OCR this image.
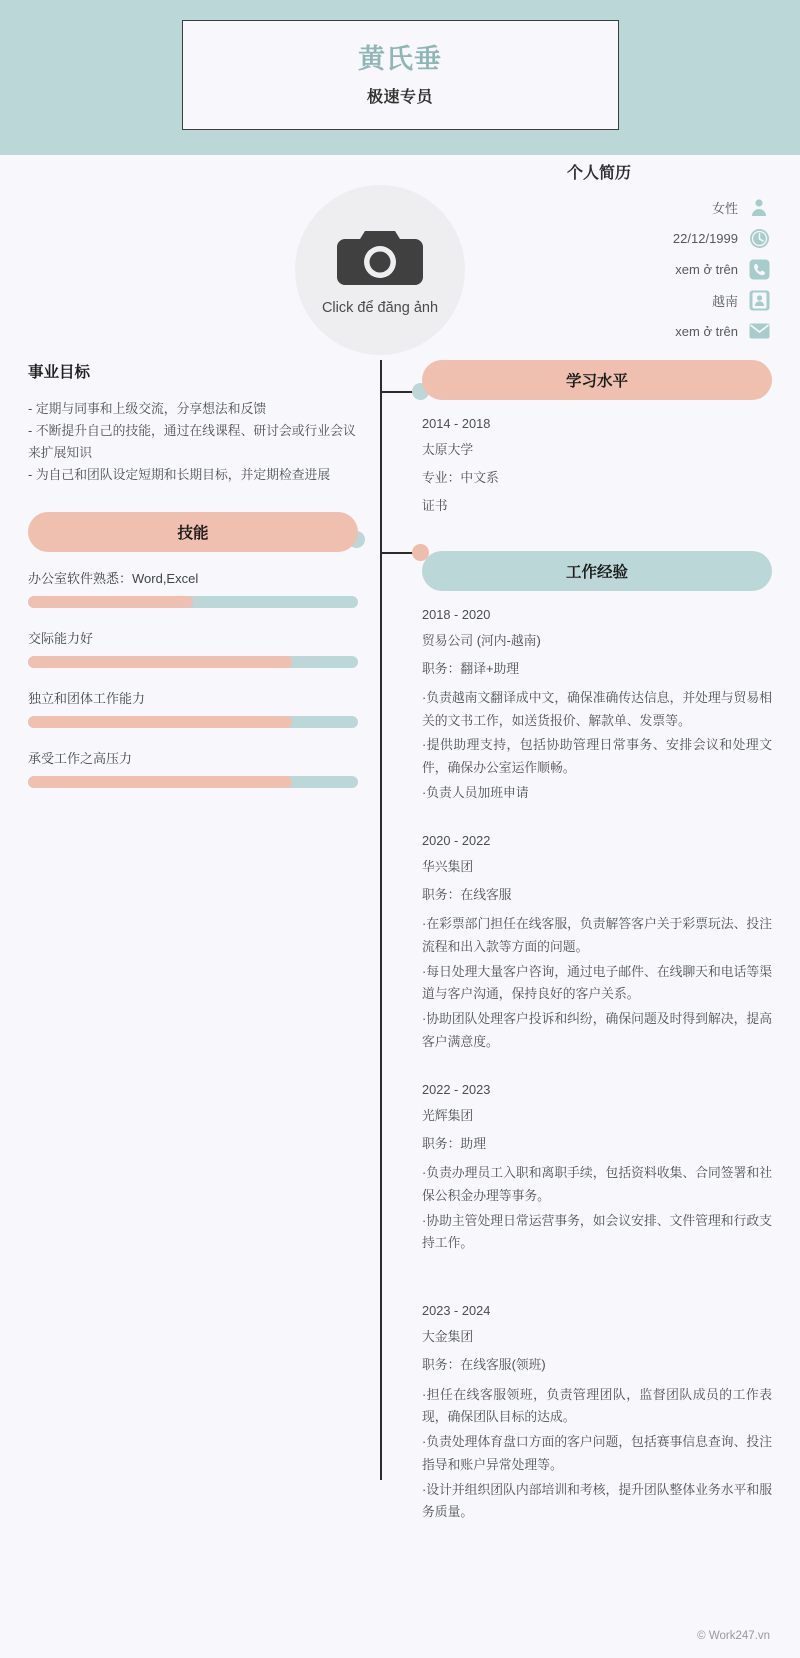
黄氏垂
极速专员
Click để đăng ảnh
个人简历
女性
22/12/1999
xem ở trên
越南
xem ở trên
事业目标
- 定期与同事和上级交流，分享想法和反馈
- 不断提升自己的技能，通过在线课程、研讨会或行业会议来扩展知识
- 为自己和团队设定短期和长期目标，并定期检查进展
技能
办公室软件熟悉：Word,Excel
交际能力好
独立和团体工作能力
承受工作之高压力
学习水平
2014 - 2018
太原大学
专业：中文系
证书
工作经验
2018 - 2020
贸易公司 (河内-越南)
职务：翻译+助理
·负责越南文翻译成中文，确保准确传达信息，并处理与贸易相关的文书工作，如送货报价、解款单、发票等。
·提供助理支持，包括协助管理日常事务、安排会议和处理文件，确保办公室运作顺畅。
·负责人员加班申请
2020 - 2022
华兴集团
职务：在线客服
·在彩票部门担任在线客服，负责解答客户关于彩票玩法、投注流程和出入款等方面的问题。
·每日处理大量客户咨询，通过电子邮件、在线聊天和电话等渠道与客户沟通，保持良好的客户关系。
·协助团队处理客户投诉和纠纷，确保问题及时得到解决，提高客户满意度。
2022 - 2023
光辉集团
职务：助理
·负责办理员工入职和离职手续，包括资料收集、合同签署和社保公积金办理等事务。
·协助主管处理日常运营事务，如会议安排、文件管理和行政支持工作。
2023 - 2024
大金集团
职务：在线客服(领班)
·担任在线客服领班，负责管理团队，监督团队成员的工作表现，确保团队目标的达成。
·负责处理体育盘口方面的客户问题，包括赛事信息查询、投注指导和账户异常处理等。
·设计并组织团队内部培训和考核，提升团队整体业务水平和服务质量。
© Work247.vn
